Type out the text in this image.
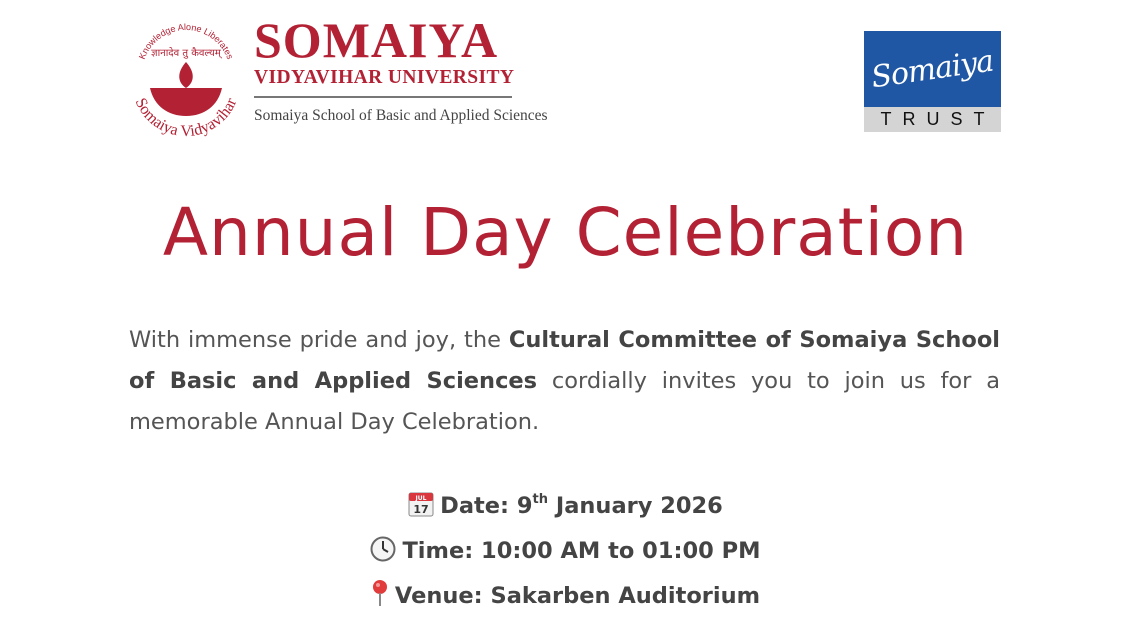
Knowledge Alone Liberates
ज्ञानादेव तु कैवल्यम्
Somaiya Vidyavihar
SOMAIYA
VIDYAVIHAR UNIVERSITY
Somaiya School of Basic and Applied Sciences
Somaiya
TRUST
Annual Day Celebration
With immense pride and joy, the Cultural Committee of Somaiya School of Basic and Applied Sciences cordially invites you to join us for a memorable Annual Day Celebration.
JUL
17 Date: 9th January 2026
Time: 10:00 AM to 01:00 PM
Venue: Sakarben Auditorium
